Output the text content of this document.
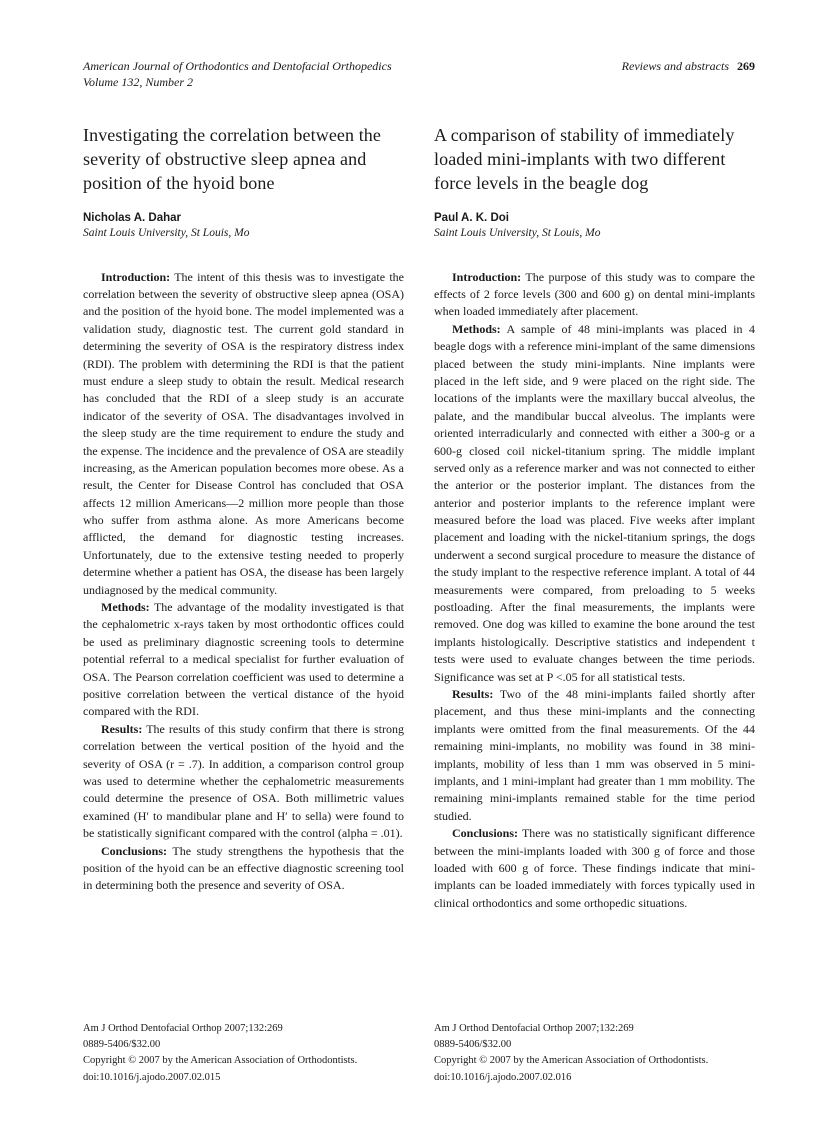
American Journal of Orthodontics and Dentofacial Orthopedics
Volume 132, Number 2
Reviews and abstracts 269
Investigating the correlation between the severity of obstructive sleep apnea and position of the hyoid bone
Nicholas A. Dahar
Saint Louis University, St Louis, Mo

Introduction: The intent of this thesis was to investigate the correlation between the severity of obstructive sleep apnea (OSA) and the position of the hyoid bone. The model implemented was a validation study, diagnostic test. The current gold standard in determining the severity of OSA is the respiratory distress index (RDI). The problem with determining the RDI is that the patient must endure a sleep study to obtain the result. Medical research has concluded that the RDI of a sleep study is an accurate indicator of the severity of OSA. The disadvantages involved in the sleep study are the time requirement to endure the study and the expense. The incidence and the prevalence of OSA are steadily increasing, as the American population becomes more obese. As a result, the Center for Disease Control has concluded that OSA affects 12 million Americans—2 million more people than those who suffer from asthma alone. As more Americans become afflicted, the demand for diagnostic testing increases. Unfortunately, due to the extensive testing needed to properly determine whether a patient has OSA, the disease has been largely undiagnosed by the medical community.

Methods: The advantage of the modality investigated is that the cephalometric x-rays taken by most orthodontic offices could be used as preliminary diagnostic screening tools to determine potential referral to a medical specialist for further evaluation of OSA. The Pearson correlation coefficient was used to determine a positive correlation between the vertical distance of the hyoid compared with the RDI.

Results: The results of this study confirm that there is strong correlation between the vertical position of the hyoid and the severity of OSA (r = .7). In addition, a comparison control group was used to determine whether the cephalometric measurements could determine the presence of OSA. Both millimetric values examined (H′ to mandibular plane and H′ to sella) were found to be statistically significant compared with the control (alpha = .01).

Conclusions: The study strengthens the hypothesis that the position of the hyoid can be an effective diagnostic screening tool in determining both the presence and severity of OSA.

Am J Orthod Dentofacial Orthop 2007;132:269
0889-5406/$32.00
Copyright © 2007 by the American Association of Orthodontists.
doi:10.1016/j.ajodo.2007.02.015
A comparison of stability of immediately loaded mini-implants with two different force levels in the beagle dog
Paul A. K. Doi
Saint Louis University, St Louis, Mo

Introduction: The purpose of this study was to compare the effects of 2 force levels (300 and 600 g) on dental mini-implants when loaded immediately after placement.

Methods: A sample of 48 mini-implants was placed in 4 beagle dogs with a reference mini-implant of the same dimensions placed between the study mini-implants. Nine implants were placed in the left side, and 9 were placed on the right side. The locations of the implants were the maxillary buccal alveolus, the palate, and the mandibular buccal alveolus. The implants were oriented interradicularly and connected with either a 300-g or a 600-g closed coil nickel-titanium spring. The middle implant served only as a reference marker and was not connected to either the anterior or the posterior implant. The distances from the anterior and posterior implants to the reference implant were measured before the load was placed. Five weeks after implant placement and loading with the nickel-titanium springs, the dogs underwent a second surgical procedure to measure the distance of the study implant to the respective reference implant. A total of 44 measurements were compared, from preloading to 5 weeks postloading. After the final measurements, the implants were removed. One dog was killed to examine the bone around the test implants histologically. Descriptive statistics and independent t tests were used to evaluate changes between the time periods. Significance was set at P <.05 for all statistical tests.

Results: Two of the 48 mini-implants failed shortly after placement, and thus these mini-implants and the connecting implants were omitted from the final measurements. Of the 44 remaining mini-implants, no mobility was found in 38 mini-implants, mobility of less than 1 mm was observed in 5 mini-implants, and 1 mini-implant had greater than 1 mm mobility. The remaining mini-implants remained stable for the time period studied.

Conclusions: There was no statistically significant difference between the mini-implants loaded with 300 g of force and those loaded with 600 g of force. These findings indicate that mini-implants can be loaded immediately with forces typically used in clinical orthodontics and some orthopedic situations.

Am J Orthod Dentofacial Orthop 2007;132:269
0889-5406/$32.00
Copyright © 2007 by the American Association of Orthodontists.
doi:10.1016/j.ajodo.2007.02.016
